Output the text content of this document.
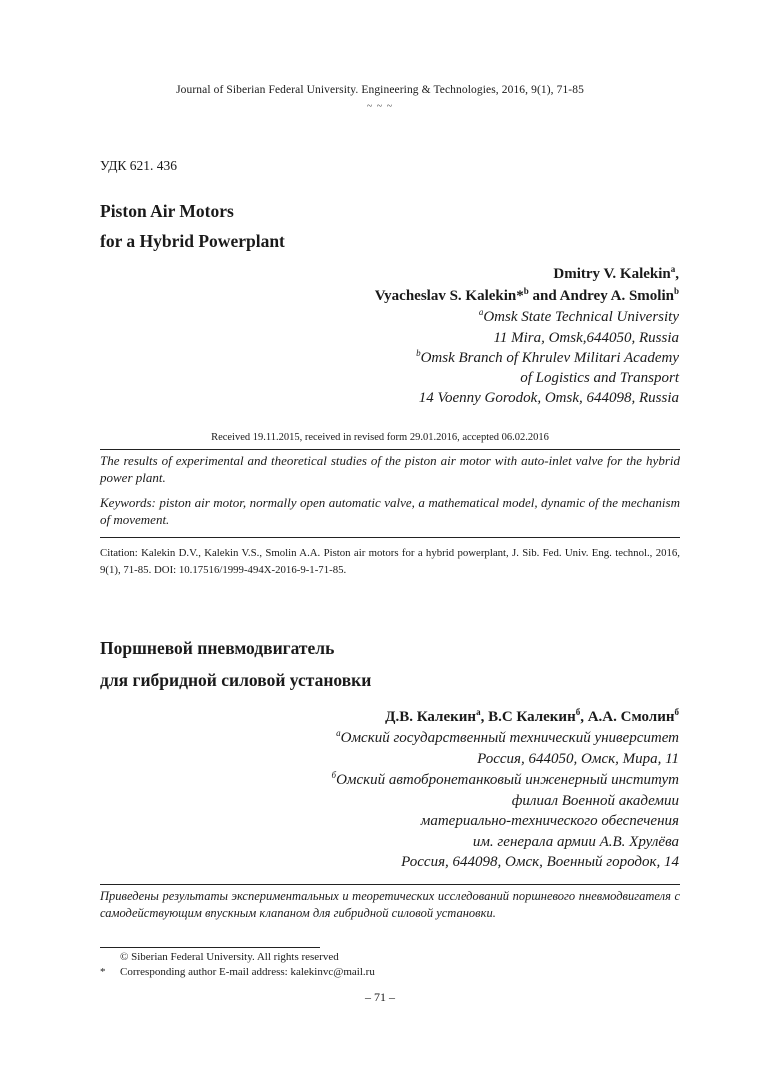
Journal of Siberian Federal University. Engineering & Technologies, 2016, 9(1), 71-85
~ ~ ~
УДК 621. 436
Piston Air Motors
for a Hybrid Powerplant
Dmitry V. Kalekin$^a$,
Vyacheslav S. Kalekin*$^b$ and Andrey A. Smolin$^b$
$^a$Omsk State Technical University
11 Mira, Omsk,644050, Russia
$^b$Omsk Branch of Khrulev Militari Academy
of Logistics and Transport
14 Voenny Gorodok, Omsk, 644098, Russia
Received 19.11.2015, received in revised form 29.01.2016, accepted 06.02.2016
The results of experimental and theoretical studies of the piston air motor with auto-inlet valve for the hybrid power plant.
Keywords: piston air motor, normally open automatic valve, a mathematical model, dynamic of the mechanism of movement.
Citation: Kalekin D.V., Kalekin V.S., Smolin A.A. Piston air motors for a hybrid powerplant, J. Sib. Fed. Univ. Eng. technol., 2016, 9(1), 71-85. DOI: 10.17516/1999-494X-2016-9-1-71-85.
Поршневой пневмодвигатель
для гибридной силовой установки
Д.В. Калекин$^а$, В.С Калекин$^б$, А.А. Смолин$^б$
$^а$Омский государственный технический университет
Россия, 644050, Омск, Мира, 11
$^б$Омский автобронетанковый инженерный институт
филиал Военной академии
материально-технического обеспечения
им. генерала армии А.В. Хрулёва
Россия, 644098, Омск, Военный городок, 14
Приведены результаты экспериментальных и теоретических исследований поршневого пневмодвигателя с самодействующим впускным клапаном для гибридной силовой установки.
© Siberian Federal University. All rights reserved
* Corresponding author E-mail address: kalekinvc@mail.ru
– 71 –
